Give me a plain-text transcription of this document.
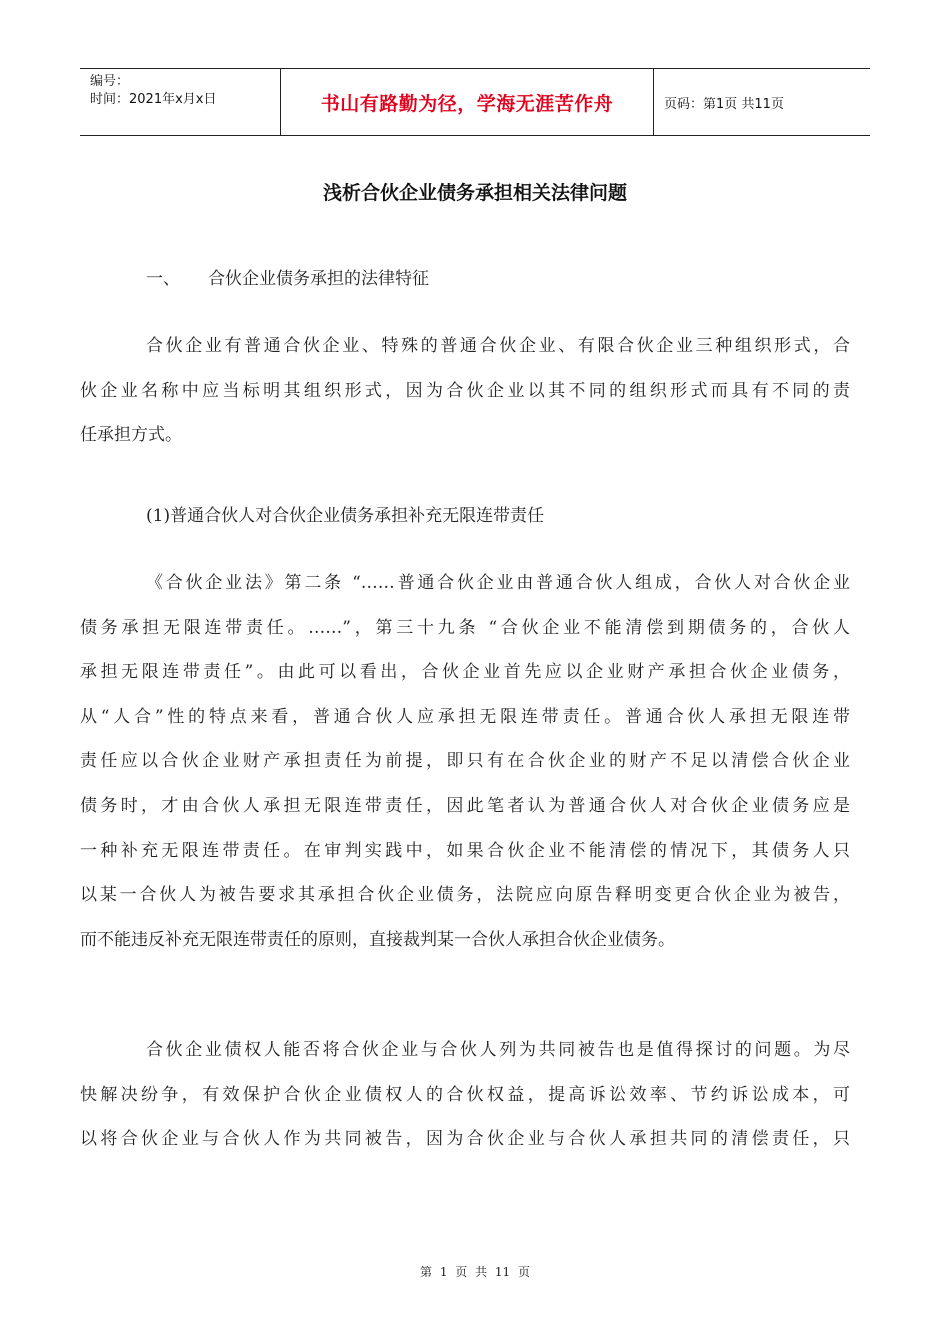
编号：
时间：2021年x月x日	书山有路勤为径，学海无涯苦作舟	页码：第1页 共11页
浅析合伙企业债务承担相关法律问题
一、 合伙企业债务承担的法律特征
合伙企业有普通合伙企业、特殊的普通合伙企业、有限合伙企业三种组织形式，合
伙企业名称中应当标明其组织形式，因为合伙企业以其不同的组织形式而具有不同的责
任承担方式。
(1)普通合伙人对合伙企业债务承担补充无限连带责任
《合伙企业法》第二条 “……普通合伙企业由普通合伙人组成，合伙人对合伙企业
债务承担无限连带责任。……”，第三十九条 “合伙企业不能清偿到期债务的，合伙人
承担无限连带责任”。由此可以看出，合伙企业首先应以企业财产承担合伙企业债务，
从“人合”性的特点来看，普通合伙人应承担无限连带责任。普通合伙人承担无限连带
责任应以合伙企业财产承担责任为前提，即只有在合伙企业的财产不足以清偿合伙企业
债务时，才由合伙人承担无限连带责任，因此笔者认为普通合伙人对合伙企业债务应是
一种补充无限连带责任。在审判实践中，如果合伙企业不能清偿的情况下，其债务人只
以某一合伙人为被告要求其承担合伙企业债务，法院应向原告释明变更合伙企业为被告，
而不能违反补充无限连带责任的原则，直接裁判某一合伙人承担合伙企业债务。
合伙企业债权人能否将合伙企业与合伙人列为共同被告也是值得探讨的问题。为尽
快解决纷争，有效保护合伙企业债权人的合伙权益，提高诉讼效率、节约诉讼成本，可
以将合伙企业与合伙人作为共同被告，因为合伙企业与合伙人承担共同的清偿责任，只
第 1 页 共 11 页
